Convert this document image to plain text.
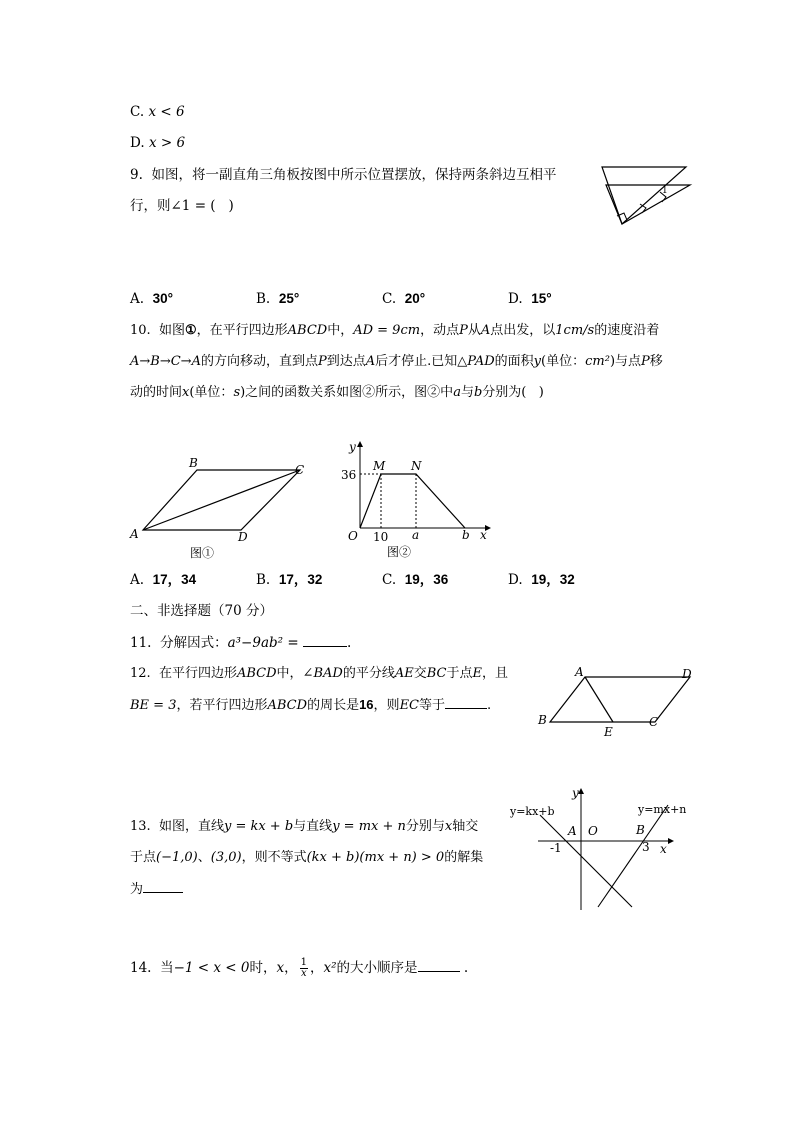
C. x < 6
D. x > 6
9. 如图，将一副直角三角板按图中所示位置摆放，保持两条斜边互相平
行，则∠1 = ( )
1
A. 30°	B. 25°	C. 20°	D. 15°
10. 如图①，在平行四边形ABCD中，AD = 9cm，动点P从A点出发，以1cm/s的速度沿着
A→B→C→A的方向移动，直到点P到达点A后才停止.已知△PAD的面积y(单位：cm²)与点P移
动的时间x(单位：s)之间的函数关系如图②所示，图②中a与b分别为( )
A
B	C
D
图①
y
x
O
36
10 a	b
M N
图②
A. 17，34	B. 17，32	C. 19，36	D. 19，32
二、非选择题（70 分）
11. 分解因式：a³−9ab² =	.
12. 在平行四边形ABCD中，∠BAD的平分线AE交BC于点E，且
BE = 3，若平行四边形ABCD的周长是16，则EC等于	.
A
B	C
D
E
13. 如图，直线y = kx + b与直线y = mx + n分别与x轴交
于点(−1,0)、(3,0)，则不等式(kx + b)(mx + n) > 0的解集
为
y
x
O
A	B
-1	3
y=kx+b	y=mx+n
14. 当−1 < x < 0时，x， $\frac{1}{x}$ ，x²的大小顺序是	.
